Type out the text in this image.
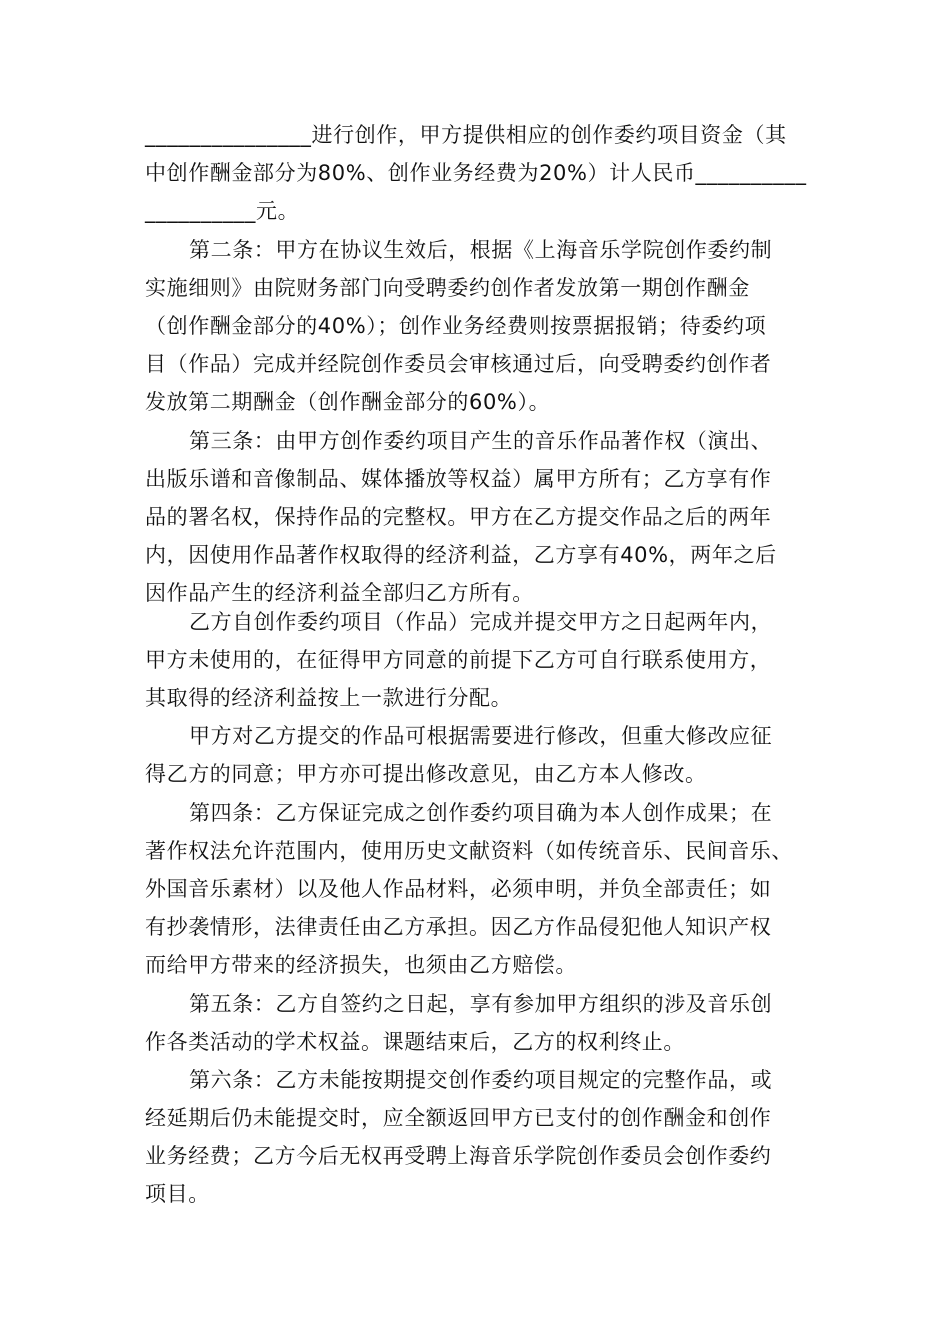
_______________进行创作，甲方提供相应的创作委约项目资金（其
中创作酬金部分为80%、创作业务经费为20%）计人民币__________
__________元。
第二条：甲方在协议生效后，根据《上海音乐学院创作委约制
实施细则》由院财务部门向受聘委约创作者发放第一期创作酬金
（创作酬金部分的40%）；创作业务经费则按票据报销；待委约项
目（作品）完成并经院创作委员会审核通过后，向受聘委约创作者
发放第二期酬金（创作酬金部分的60%）。
第三条：由甲方创作委约项目产生的音乐作品著作权（演出、
出版乐谱和音像制品、媒体播放等权益）属甲方所有；乙方享有作
品的署名权，保持作品的完整权。甲方在乙方提交作品之后的两年
内，因使用作品著作权取得的经济利益，乙方享有40%，两年之后
因作品产生的经济利益全部归乙方所有。
乙方自创作委约项目（作品）完成并提交甲方之日起两年内，
甲方未使用的，在征得甲方同意的前提下乙方可自行联系使用方，
其取得的经济利益按上一款进行分配。
甲方对乙方提交的作品可根据需要进行修改，但重大修改应征
得乙方的同意；甲方亦可提出修改意见，由乙方本人修改。
第四条：乙方保证完成之创作委约项目确为本人创作成果；在
著作权法允许范围内，使用历史文献资料（如传统音乐、民间音乐、
外国音乐素材）以及他人作品材料，必须申明，并负全部责任；如
有抄袭情形，法律责任由乙方承担。因乙方作品侵犯他人知识产权
而给甲方带来的经济损失，也须由乙方赔偿。
第五条：乙方自签约之日起，享有参加甲方组织的涉及音乐创
作各类活动的学术权益。课题结束后，乙方的权利终止。
第六条：乙方未能按期提交创作委约项目规定的完整作品，或
经延期后仍未能提交时，应全额返回甲方已支付的创作酬金和创作
业务经费；乙方今后无权再受聘上海音乐学院创作委员会创作委约
项目。
